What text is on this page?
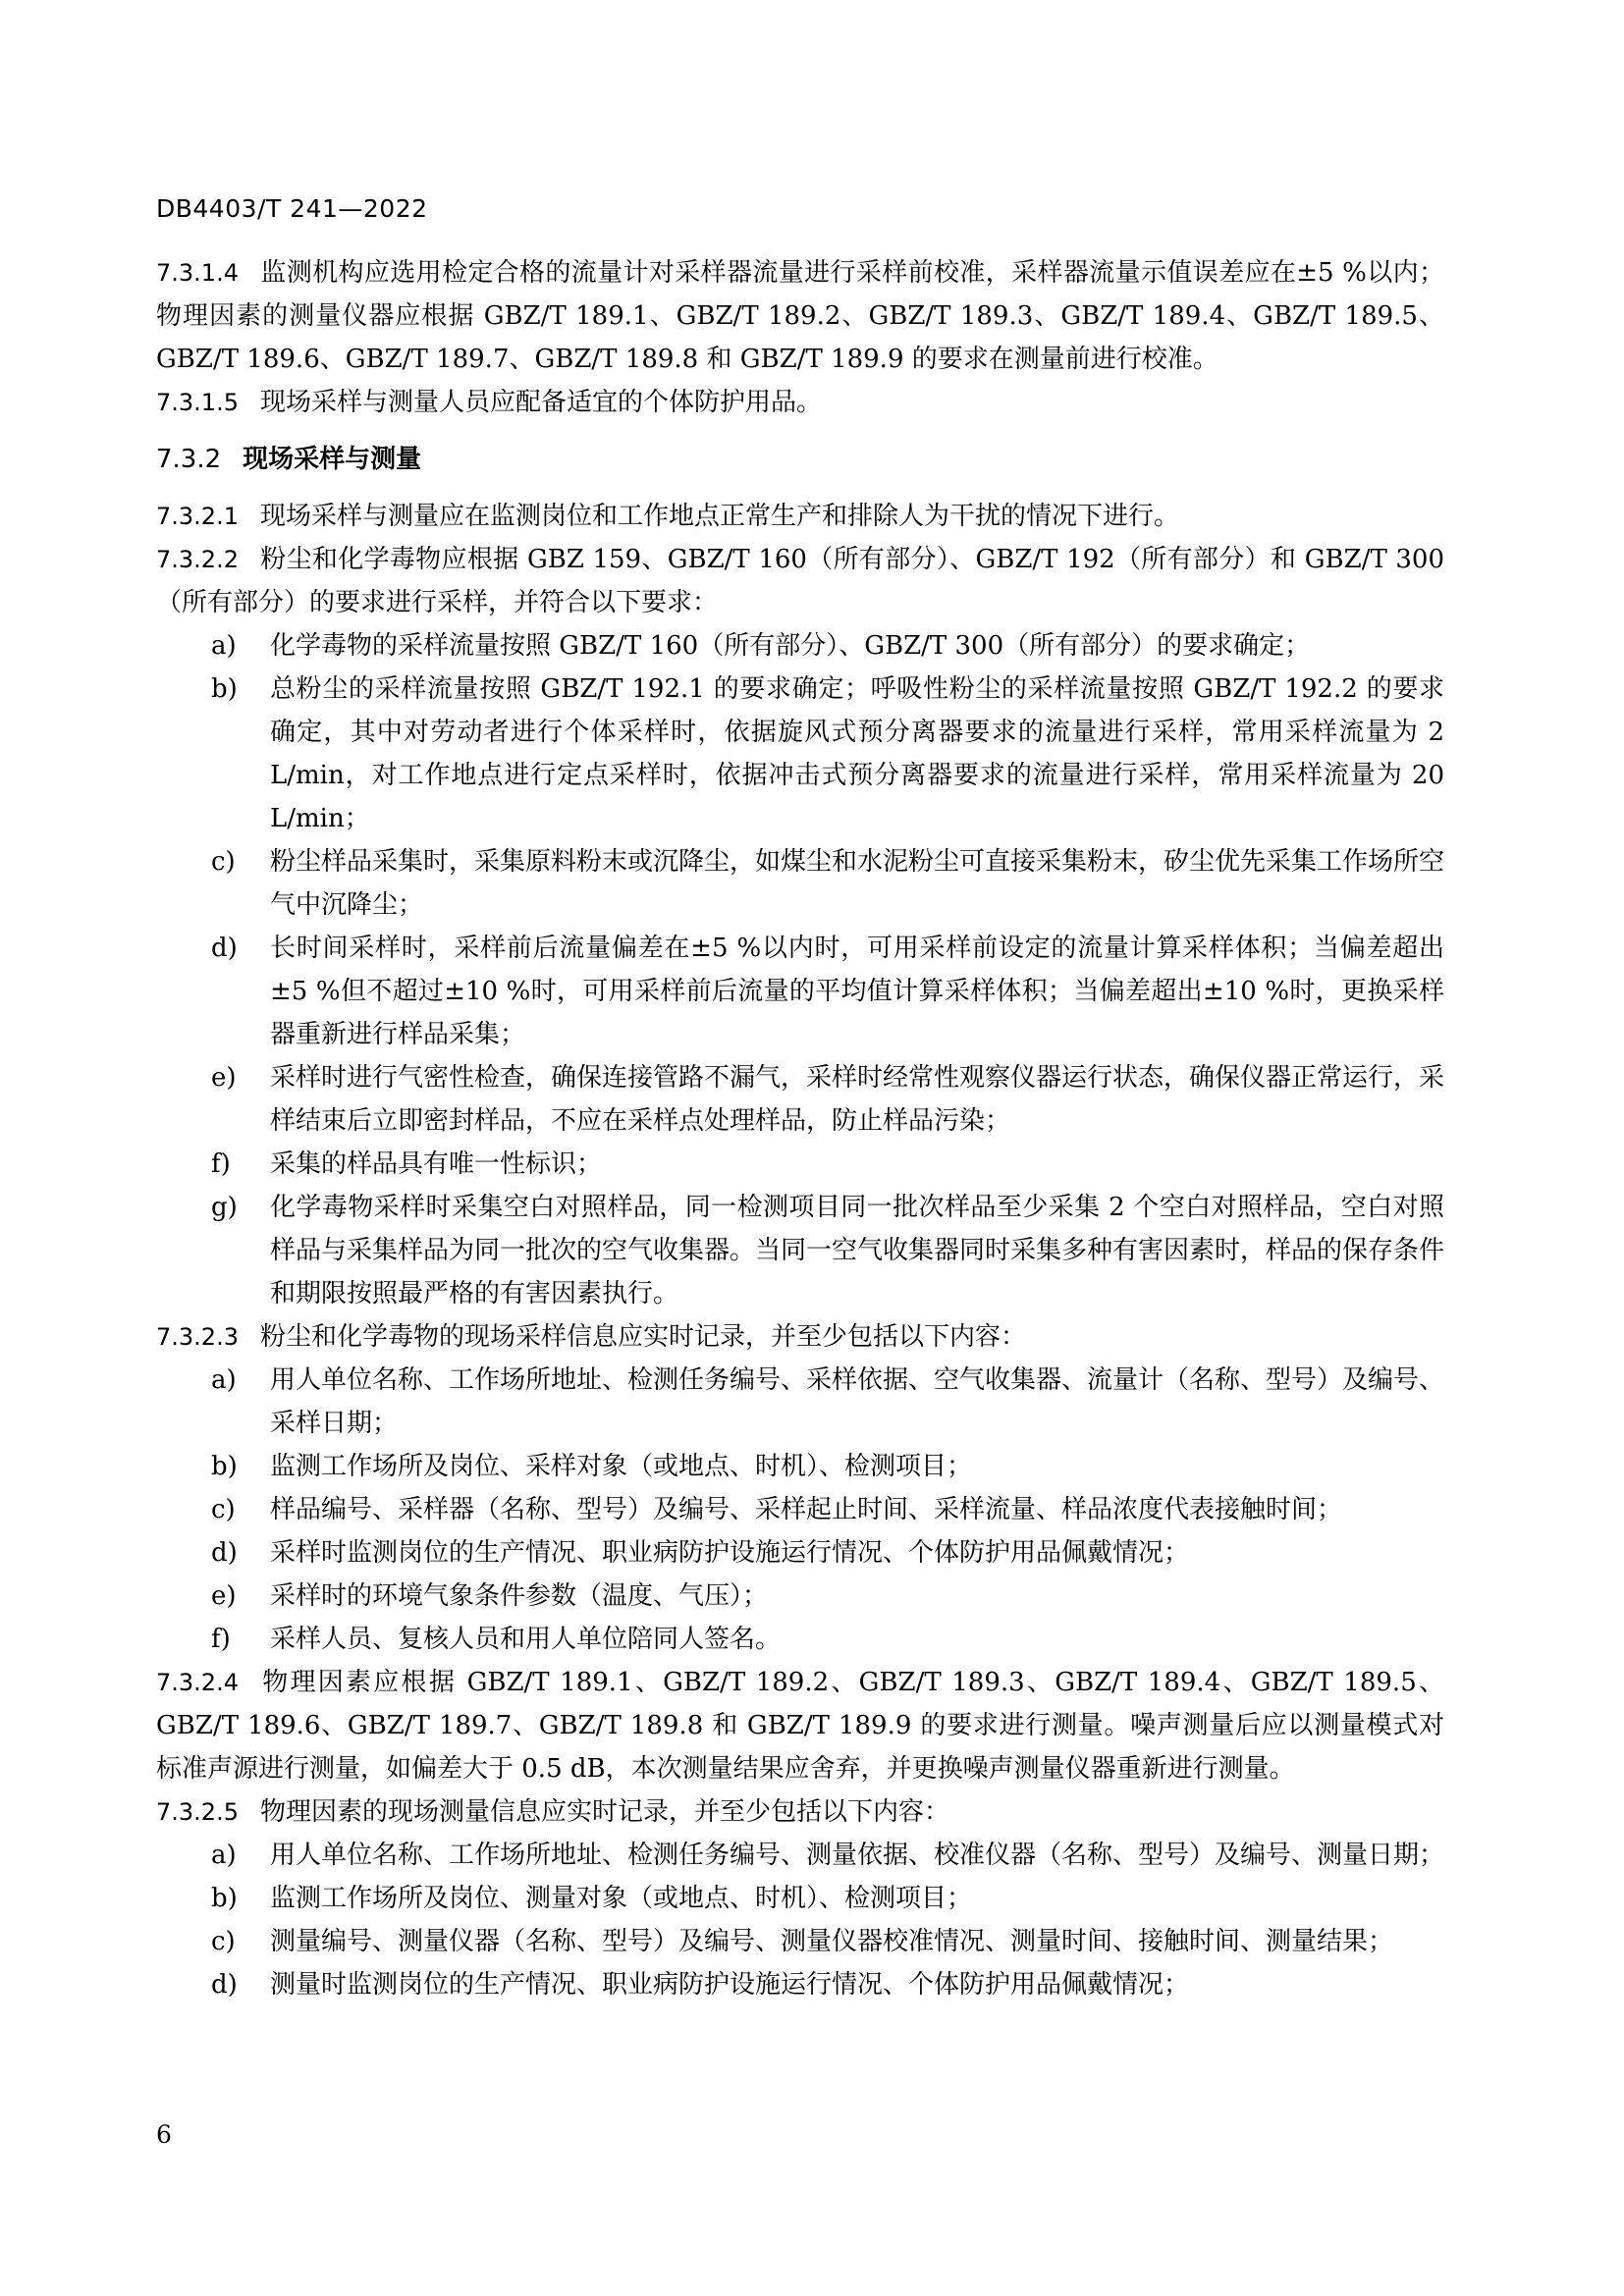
DB4403/T 241—2022

7.3.1.4 监测机构应选用检定合格的流量计对采样器流量进行采样前校准，采样器流量示值误差应在±5 %以内；物理因素的测量仪器应根据 GBZ/T 189.1、GBZ/T 189.2、GBZ/T 189.3、GBZ/T 189.4、GBZ/T 189.5、GBZ/T 189.6、GBZ/T 189.7、GBZ/T 189.8 和 GBZ/T 189.9 的要求在测量前进行校准。

7.3.1.5 现场采样与测量人员应配备适宜的个体防护用品。

7.3.2 现场采样与测量

7.3.2.1 现场采样与测量应在监测岗位和工作地点正常生产和排除人为干扰的情况下进行。

7.3.2.2 粉尘和化学毒物应根据 GBZ 159、GBZ/T 160（所有部分）、GBZ/T 192（所有部分）和 GBZ/T 300（所有部分）的要求进行采样，并符合以下要求：

a) 化学毒物的采样流量按照 GBZ/T 160（所有部分）、GBZ/T 300（所有部分）的要求确定；

b) 总粉尘的采样流量按照 GBZ/T 192.1 的要求确定；呼吸性粉尘的采样流量按照 GBZ/T 192.2 的要求确定，其中对劳动者进行个体采样时，依据旋风式预分离器要求的流量进行采样，常用采样流量为 2 L/min，对工作地点进行定点采样时，依据冲击式预分离器要求的流量进行采样，常用采样流量为 20 L/min；

c) 粉尘样品采集时，采集原料粉末或沉降尘，如煤尘和水泥粉尘可直接采集粉末，矽尘优先采集工作场所空气中沉降尘；

d) 长时间采样时，采样前后流量偏差在±5 %以内时，可用采样前设定的流量计算采样体积；当偏差超出±5 %但不超过±10 %时，可用采样前后流量的平均值计算采样体积；当偏差超出±10 %时，更换采样器重新进行样品采集；

e) 采样时进行气密性检查，确保连接管路不漏气，采样时经常性观察仪器运行状态，确保仪器正常运行，采样结束后立即密封样品，不应在采样点处理样品，防止样品污染；

f) 采集的样品具有唯一性标识；

g) 化学毒物采样时采集空白对照样品，同一检测项目同一批次样品至少采集 2 个空白对照样品，空白对照样品与采集样品为同一批次的空气收集器。当同一空气收集器同时采集多种有害因素时，样品的保存条件和期限按照最严格的有害因素执行。

7.3.2.3 粉尘和化学毒物的现场采样信息应实时记录，并至少包括以下内容：

a) 用人单位名称、工作场所地址、检测任务编号、采样依据、空气收集器、流量计（名称、型号）及编号、采样日期；

b) 监测工作场所及岗位、采样对象（或地点、时机）、检测项目；

c) 样品编号、采样器（名称、型号）及编号、采样起止时间、采样流量、样品浓度代表接触时间；

d) 采样时监测岗位的生产情况、职业病防护设施运行情况、个体防护用品佩戴情况；

e) 采样时的环境气象条件参数（温度、气压）；

f) 采样人员、复核人员和用人单位陪同人签名。

7.3.2.4 物理因素应根据 GBZ/T 189.1、GBZ/T 189.2、GBZ/T 189.3、GBZ/T 189.4、GBZ/T 189.5、GBZ/T 189.6、GBZ/T 189.7、GBZ/T 189.8 和 GBZ/T 189.9 的要求进行测量。噪声测量后应以测量模式对标准声源进行测量，如偏差大于 0.5 dB，本次测量结果应舍弃，并更换噪声测量仪器重新进行测量。

7.3.2.5 物理因素的现场测量信息应实时记录，并至少包括以下内容：

a) 用人单位名称、工作场所地址、检测任务编号、测量依据、校准仪器（名称、型号）及编号、测量日期；

b) 监测工作场所及岗位、测量对象（或地点、时机）、检测项目；

c) 测量编号、测量仪器（名称、型号）及编号、测量仪器校准情况、测量时间、接触时间、测量结果；

d) 测量时监测岗位的生产情况、职业病防护设施运行情况、个体防护用品佩戴情况；

6
